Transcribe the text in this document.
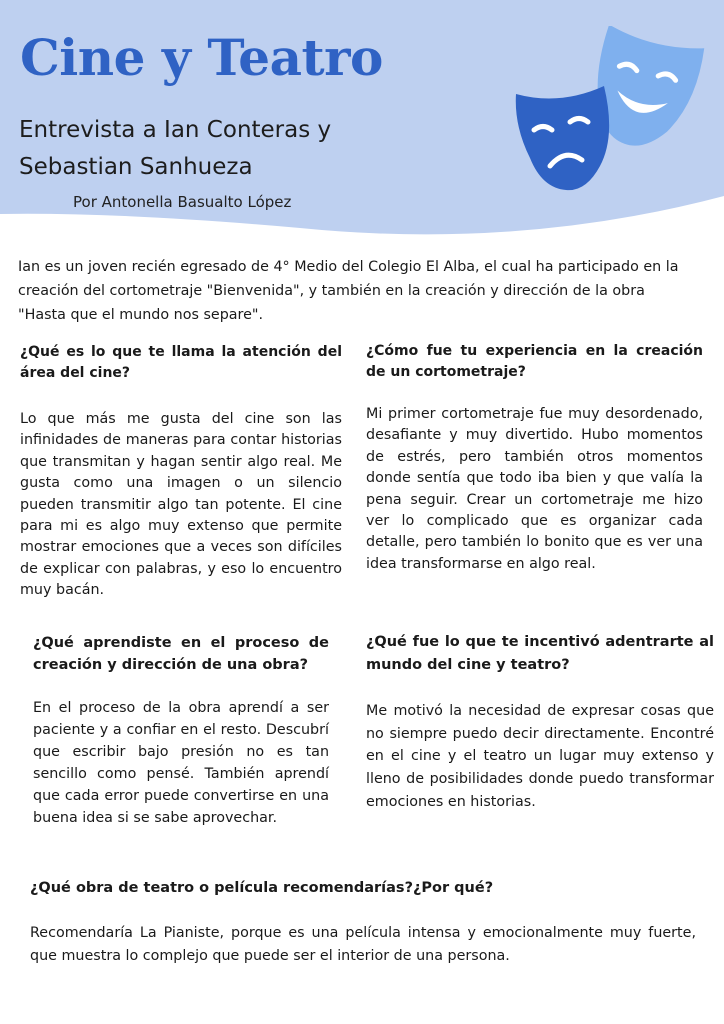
Cine y Teatro
Entrevista a Ian Conteras y Sebastian Sanhueza
Por Antonella Basualto López

Ian es un joven recién egresado de 4° Medio del Colegio El Alba, el cual ha participado en la creación del cortometraje "Bienvenida", y también en la creación y dirección de la obra "Hasta que el mundo nos separe".

¿Qué es lo que te llama la atención del área del cine?

Lo que más me gusta del cine son las infinidades de maneras para contar historias que transmitan y hagan sentir algo real. Me gusta como una imagen o un silencio pueden transmitir algo tan potente. El cine para mi es algo muy extenso que permite mostrar emociones que a veces son difíciles de explicar con palabras, y eso lo encuentro muy bacán.

¿Cómo fue tu experiencia en la creación de un cortometraje?

Mi primer cortometraje fue muy desordenado, desafiante y muy divertido. Hubo momentos de estrés, pero también otros momentos donde sentía que todo iba bien y que valía la pena seguir. Crear un cortometraje me hizo ver lo complicado que es organizar cada detalle, pero también lo bonito que es ver una idea transformarse en algo real.

¿Qué aprendiste en el proceso de creación y dirección de una obra?

En el proceso de la obra aprendí a ser paciente y a confiar en el resto. Descubrí que escribir bajo presión no es tan sencillo como pensé. También aprendí que cada error puede convertirse en una buena idea si se sabe aprovechar.

¿Qué fue lo que te incentivó adentrarte al mundo del cine y teatro?

Me motivó la necesidad de expresar cosas que no siempre puedo decir directamente. Encontré en el cine y el teatro un lugar muy extenso y lleno de posibilidades donde puedo transformar emociones en historias.

¿Qué obra de teatro o película recomendarías?¿Por qué?

Recomendaría La Pianiste, porque es una película intensa y emocionalmente muy fuerte, que muestra lo complejo que puede ser el interior de una persona.
